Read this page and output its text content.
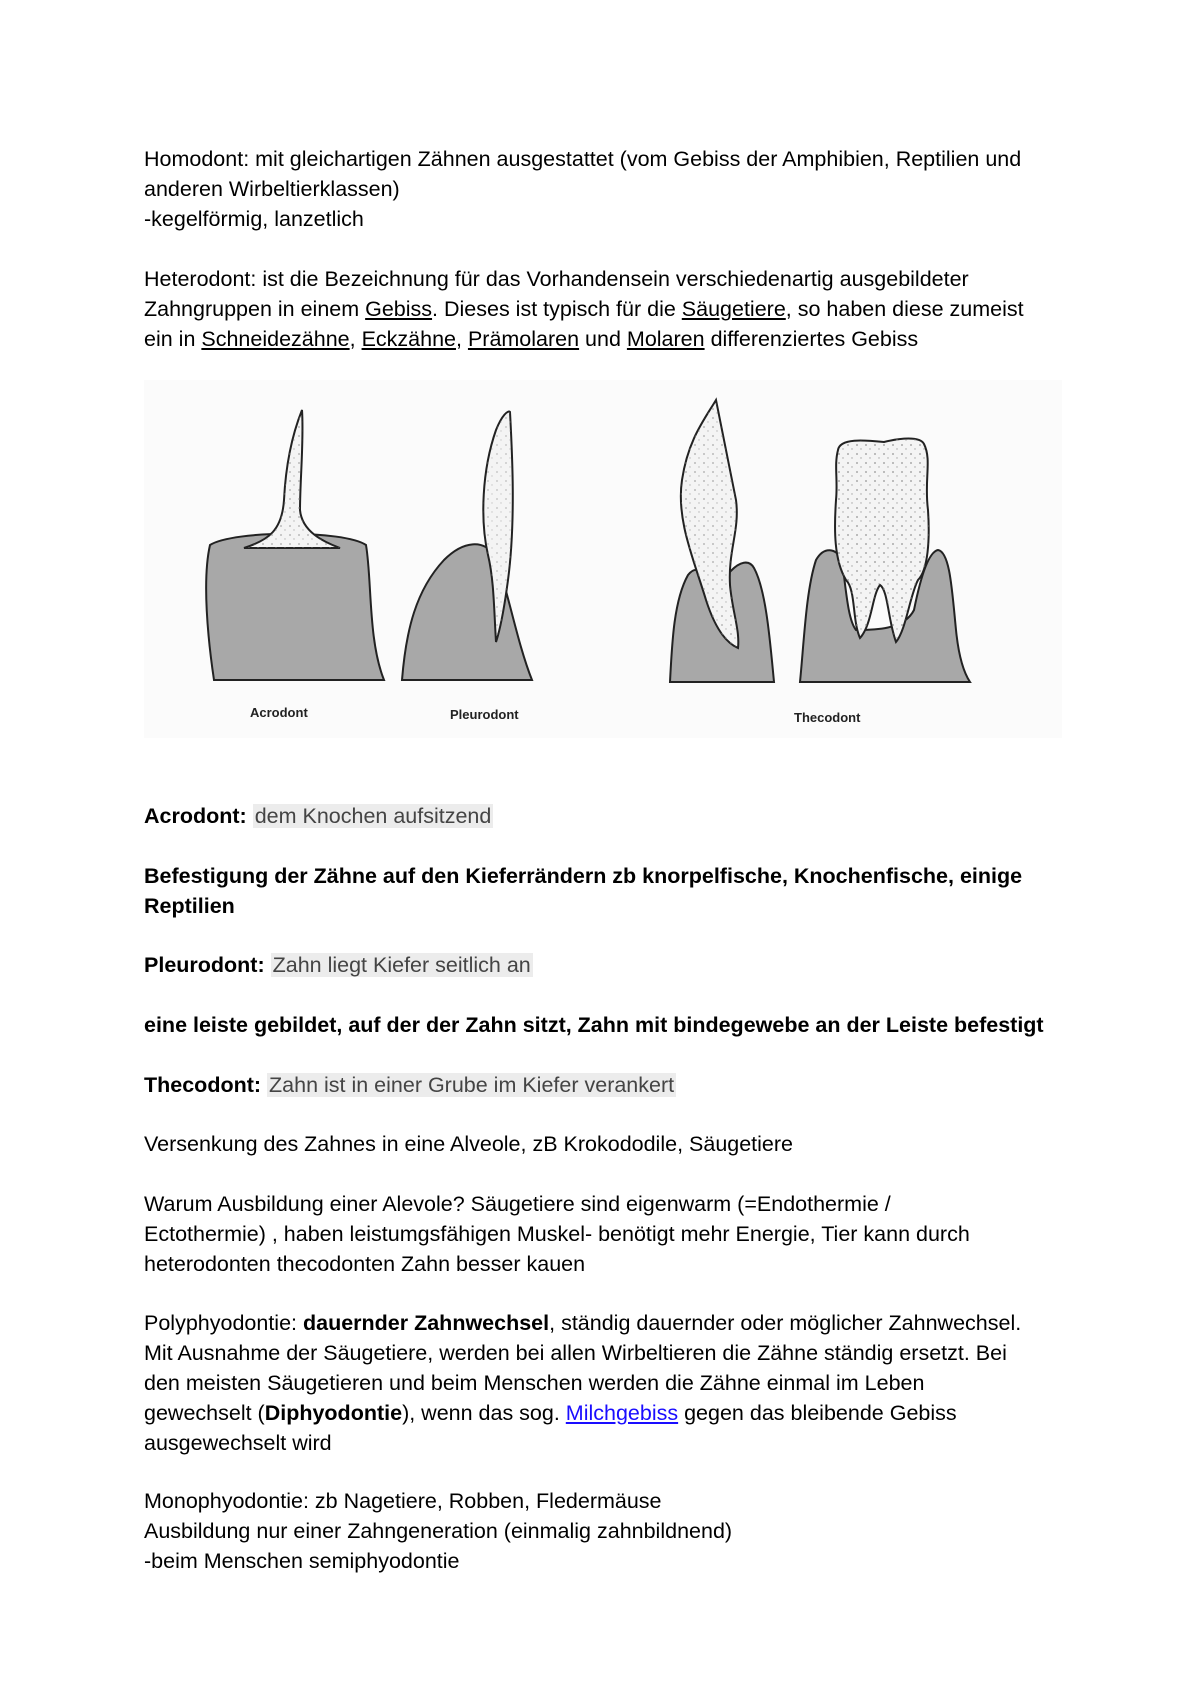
Homodont: mit gleichartigen Zähnen ausgestattet (vom Gebiss der Amphibien, Reptilien und

anderen Wirbeltierklassen)

-kegelförmig, lanzetlich

Heterodont: ist die Bezeichnung für das Vorhandensein verschiedenartig ausgebildeter

Zahngruppen in einem Gebiss. Dieses ist typisch für die Säugetiere, so haben diese zumeist

ein in Schneidezähne, Eckzähne, Prämolaren und Molaren differenziertes Gebiss

Acrodont	Pleurodont	Thecodont

Acrodont: dem Knochen aufsitzend

Befestigung der Zähne auf den Kieferrändern zb knorpelfische, Knochenfische, einige

Reptilien

Pleurodont: Zahn liegt Kiefer seitlich an

eine leiste gebildet, auf der der Zahn sitzt, Zahn mit bindegewebe an der Leiste befestigt

Thecodont: Zahn ist in einer Grube im Kiefer verankert

Versenkung des Zahnes in eine Alveole, zB Krokododile, Säugetiere

Warum Ausbildung einer Alevole? Säugetiere sind eigenwarm (=Endothermie /

Ectothermie) , haben leistumgsfähigen Muskel- benötigt mehr Energie, Tier kann durch

heterodonten thecodonten Zahn besser kauen

Polyphyodontie: dauernder Zahnwechsel, ständig dauernder oder möglicher Zahnwechsel.

Mit Ausnahme der Säugetiere, werden bei allen Wirbeltieren die Zähne ständig ersetzt. Bei

den meisten Säugetieren und beim Menschen werden die Zähne einmal im Leben

gewechselt (Diphyodontie), wenn das sog. Milchgebiss gegen das bleibende Gebiss

ausgewechselt wird

Monophyodontie: zb Nagetiere, Robben, Fledermäuse

Ausbildung nur einer Zahngeneration (einmalig zahnbildnend)

-beim Menschen semiphyodontie
